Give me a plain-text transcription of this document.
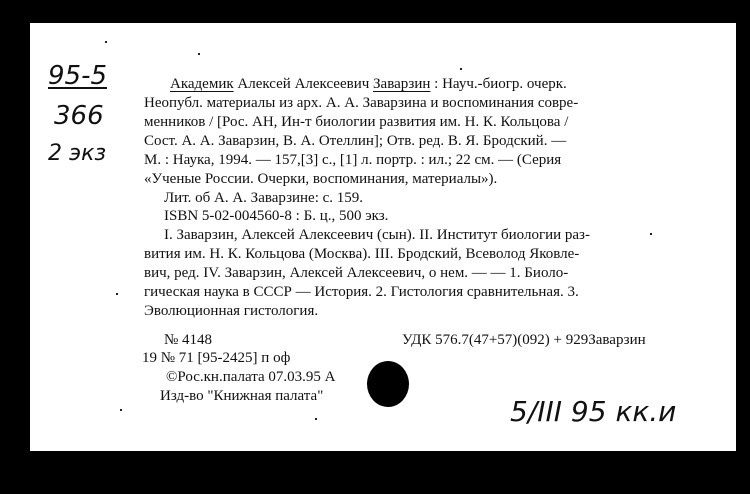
95-5
366
2 экз
Академик Алексей Алексеевич Заварзин : Науч.-биогр. очерк.
Неопубл. материалы из арх. А. А. Заварзина и воспоминания совре-
менников / [Рос. АН, Ин-т биологии развития им. Н. К. Кольцова /
Сост. А. А. Заварзин, В. А. Отеллин]; Отв. ред. В. Я. Бродский. —
М. : Наука, 1994. — 157,[3] с., [1] л. портр. : ил.; 22 см. — (Серия
«Ученые России. Очерки, воспоминания, материалы»).
Лит. об А. А. Заварзине: с. 159.
ISBN 5-02-004560-8 : Б. ц., 500 экз.
I. Заварзин, Алексей Алексеевич (сын). II. Институт биологии раз-
вития им. Н. К. Кольцова (Москва). III. Бродский, Всеволод Яковле-
вич, ред. IV. Заварзин, Алексей Алексеевич, о нем. — — 1. Биоло-
гическая наука в СССР — История. 2. Гистология сравнительная. 3.
Эволюционная гистология.
№ 4148	УДК 576.7(47+57)(092) + 929Заварзин
19 № 71 [95-2425] п оф
©Рос.кн.палата 07.03.95 А
Изд-во "Книжная палата"	5/III 95 кк.и
